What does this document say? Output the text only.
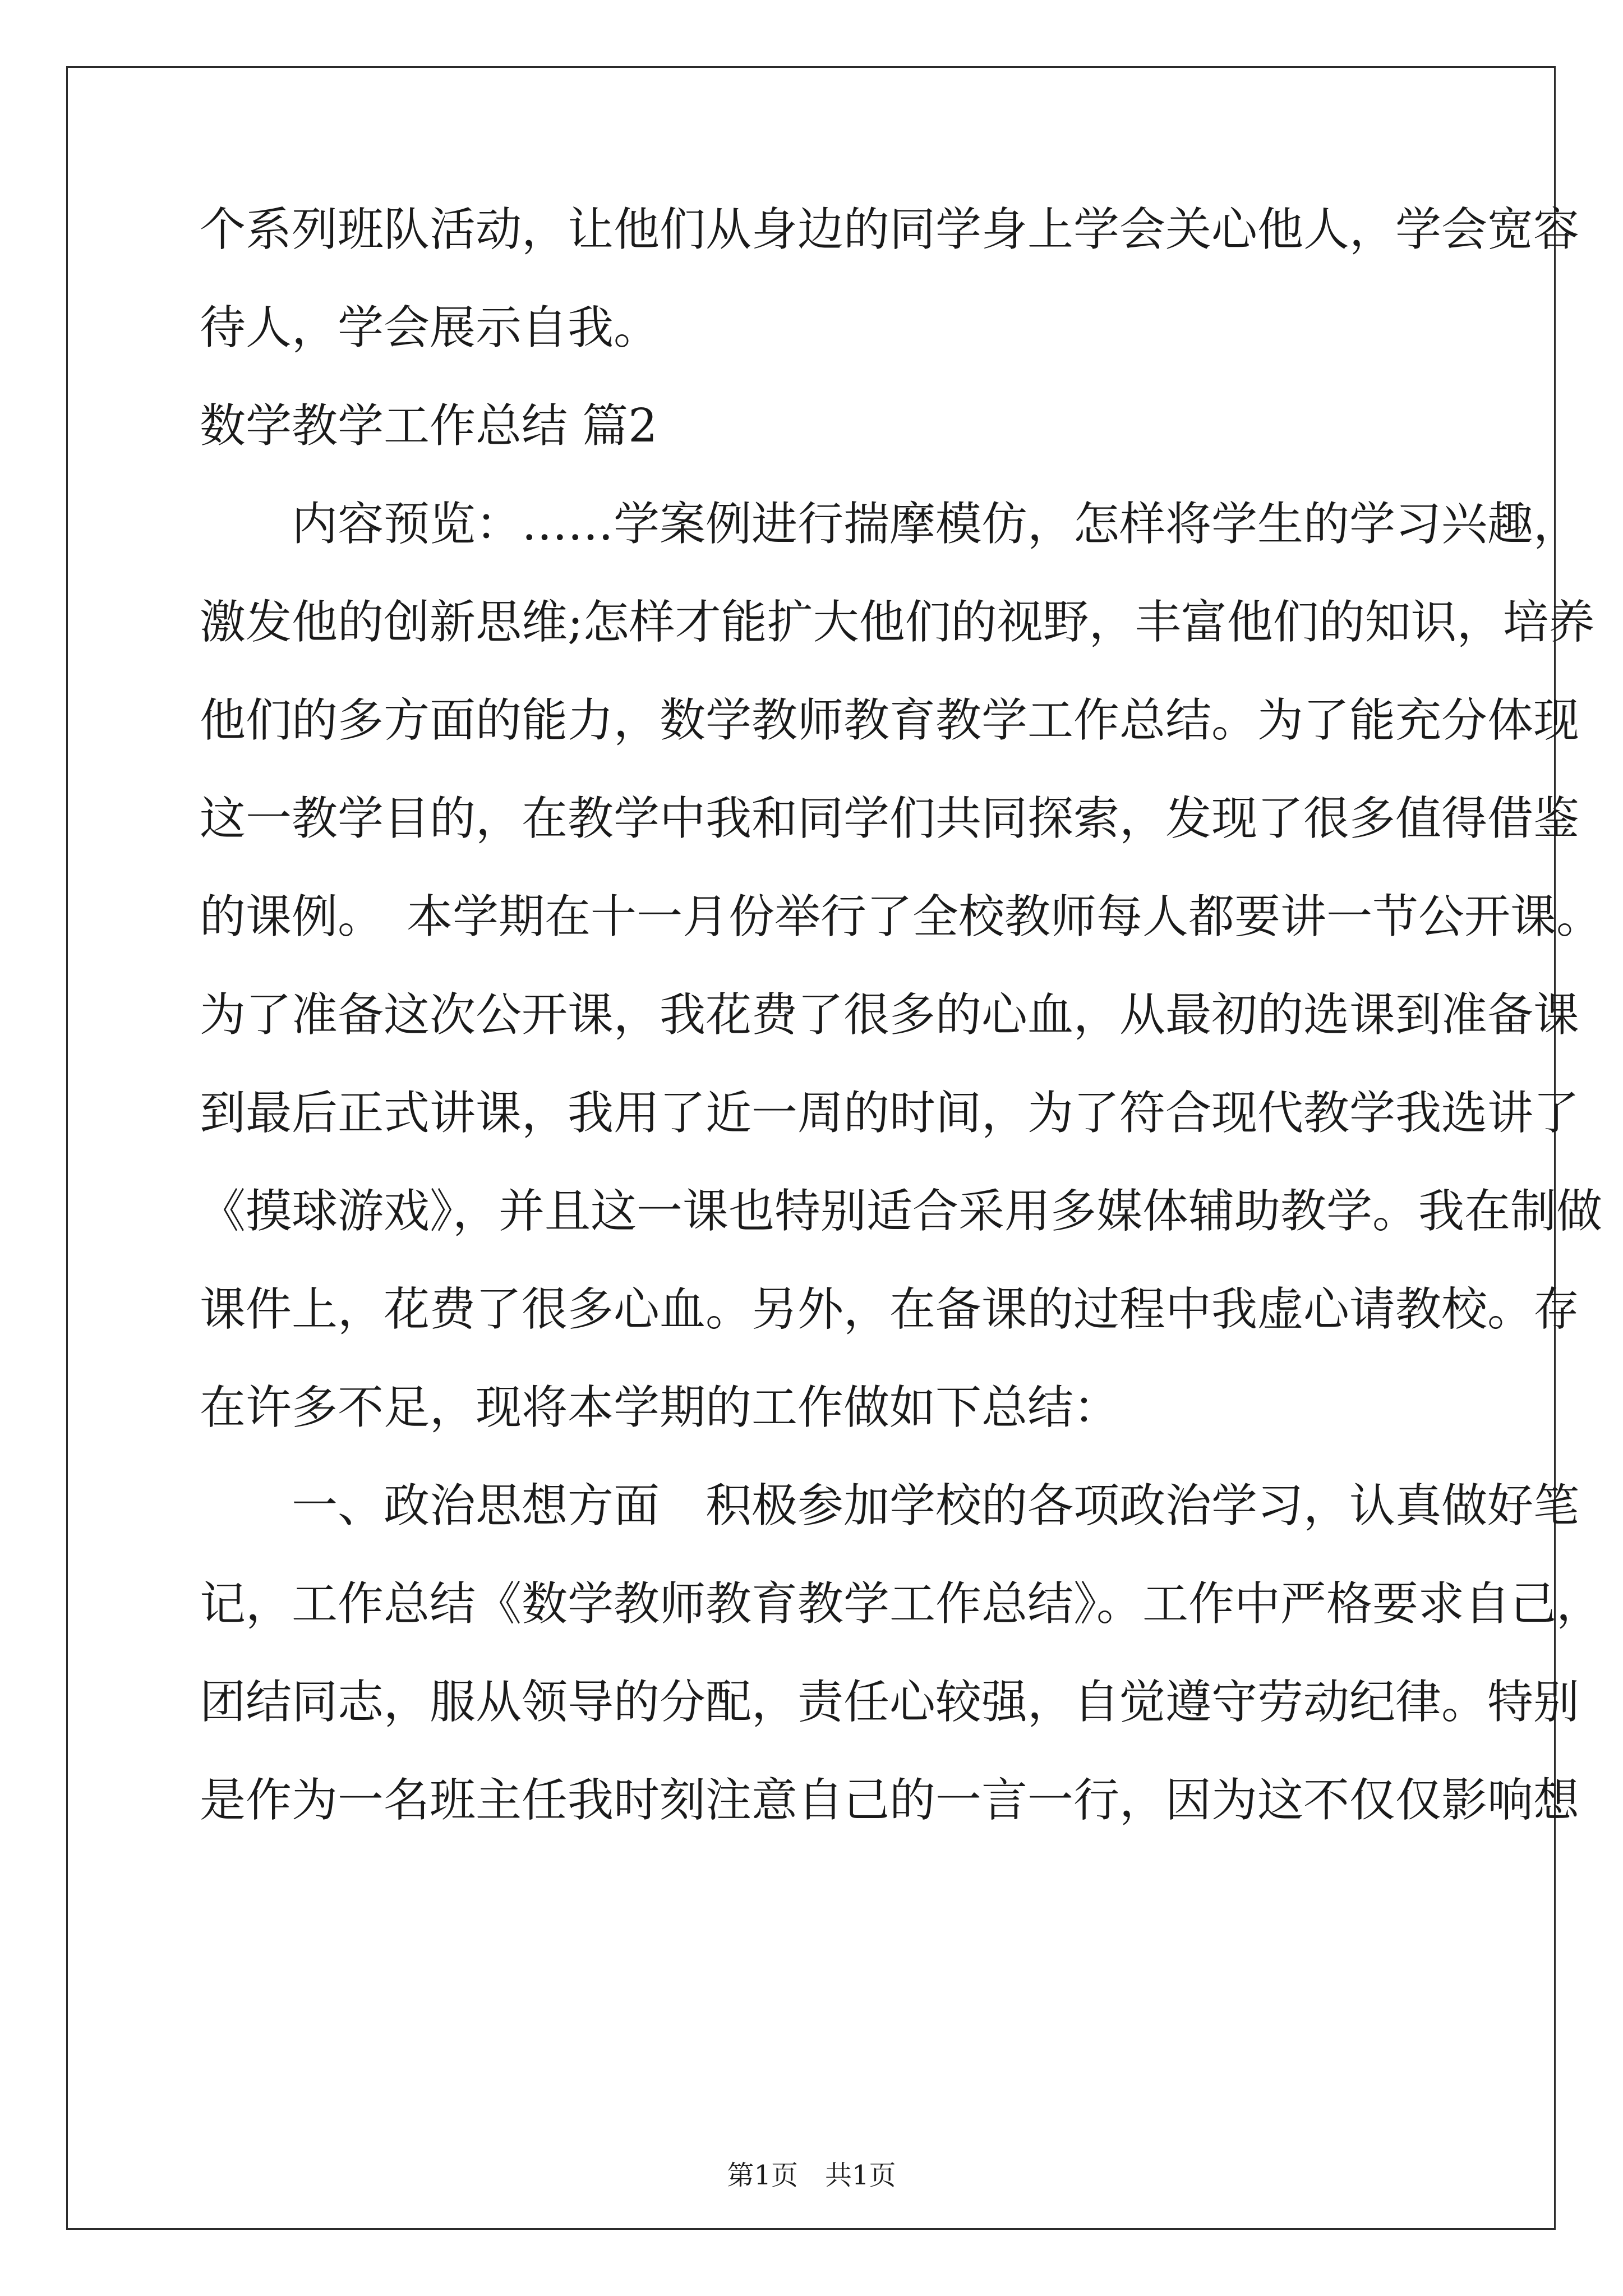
个系列班队活动，让他们从身边的同学身上学会关心他人，学会宽容
待人，学会展示自我。
数学教学工作总结 篇2
　　内容预览：……学案例进行揣摩模仿，怎样将学生的学习兴趣，
激发他的创新思维;怎样才能扩大他们的视野，丰富他们的知识，培养
他们的多方面的能力，数学教师教育教学工作总结。为了能充分体现
这一教学目的，在教学中我和同学们共同探索，发现了很多值得借鉴
的课例。　本学期在十一月份举行了全校教师每人都要讲一节公开课。
为了准备这次公开课，我花费了很多的心血，从最初的选课到准备课
到最后正式讲课，我用了近一周的时间，为了符合现代教学我选讲了
《摸球游戏》，并且这一课也特别适合采用多媒体辅助教学。我在制做
课件上，花费了很多心血。另外，在备课的过程中我虚心请教校。存
在许多不足，现将本学期的工作做如下总结：
　　一、政治思想方面　积极参加学校的各项政治学习，认真做好笔
记，工作总结《数学教师教育教学工作总结》。工作中严格要求自己，
团结同志，服从领导的分配，责任心较强，自觉遵守劳动纪律。特别
是作为一名班主任我时刻注意自己的一言一行，因为这不仅仅影响想
第1页　共1页
